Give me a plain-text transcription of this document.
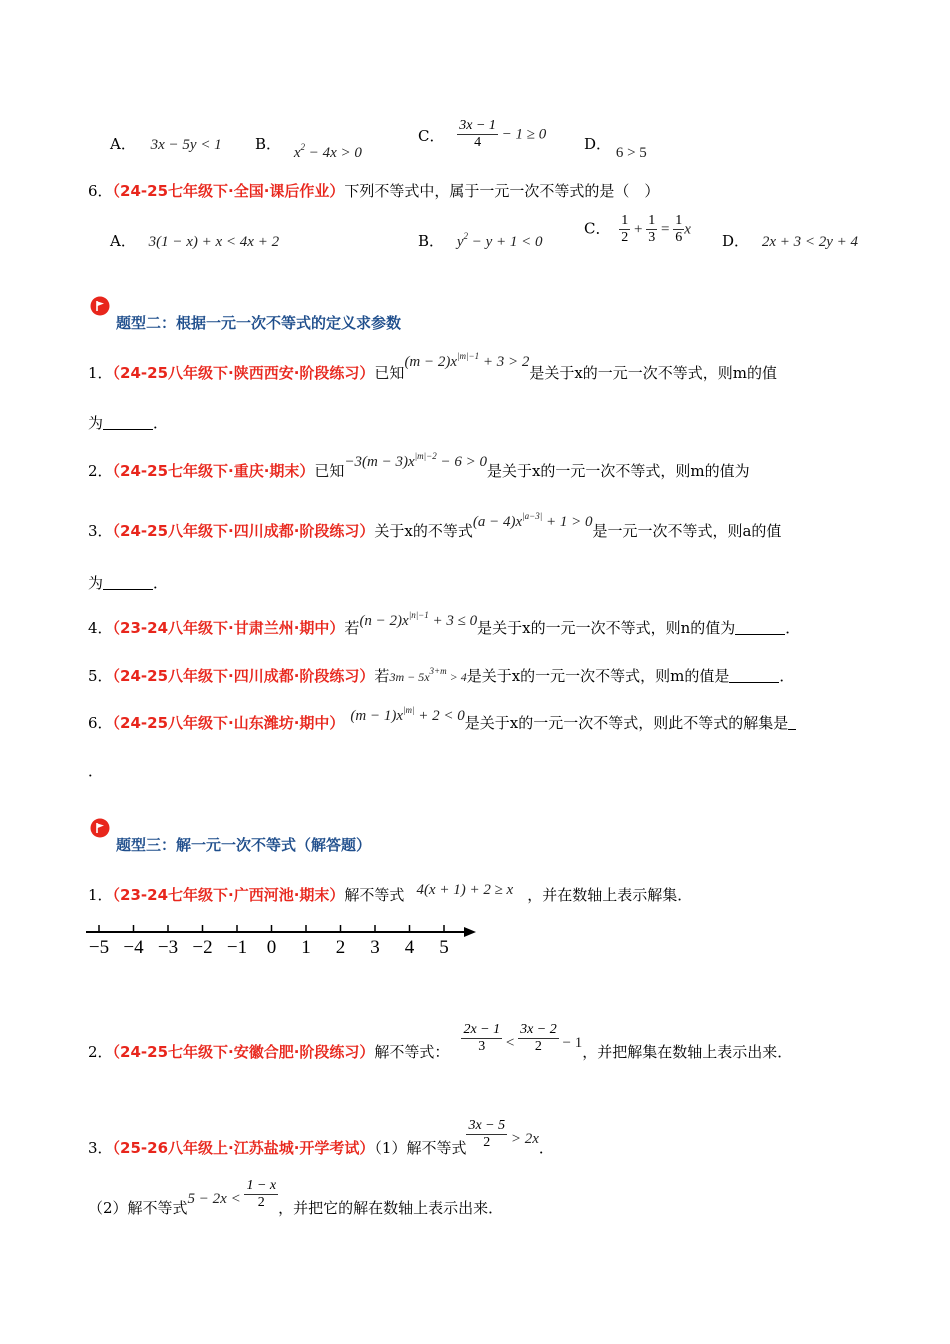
A． 3x − 5y < 1 B． $x^2 - 4x > 0$
C． $\frac{3x - 1}{4} - 1 \ge 0$
D． 6 > 5
6．（24-25七年级下·全国·课后作业）下列不等式中，属于一元一次不等式的是（　）
A． 3(1 − x) + x < 4x + 2	B． $y^2 - y + 1 < 0$
C． $\frac{1}{2} + \frac{1}{3} = \frac{1}{6}$ x
D． 2x + 3 < 2y + 4
题型二：根据一元一次不等式的定义求参数
1．（24-25八年级下·陕西西安·阶段练习）已知$(m - 2)x^{|m|-1} + 3 > 2$是关于x的一元一次不等式，则m的值
为	．
2．（24-25七年级下·重庆·期末）已知$-3(m - 3)x^{|m|-2} - 6 > 0$是关于x的一元一次不等式，则m的值为
3．（24-25八年级下·四川成都·阶段练习）关于x的不等式$(a - 4)x^{|a-3|} + 1 > 0$是一元一次不等式，则a的值
为	．
4．（23-24八年级下·甘肃兰州·期中）若$(n - 2)x^{|n|-1} + 3 \le 0$是关于x的一元一次不等式，则n的值为	．
5．（24-25八年级下·四川成都·阶段练习）若$3m - 5x^{3+m} > 4$是关于x的一元一次不等式，则m的值是	．
6．（24-25八年级下·山东潍坊·期中） $(m - 1)x^{|m|} + 2 < 0$是关于x的一元一次不等式，则此不等式的解集是
．
题型三：解一元一次不等式（解答题）
1．（23-24七年级下·广西河池·期末）解不等式 4(x + 1) + 2 ≥ x ，并在数轴上表示解集．
−5 −4 −3 −2 −1 0 1 2 3 4 5
2．（24-25七年级下·安徽合肥·阶段练习）解不等式： $\frac{2x - 1}{3} < \frac{3x - 2}{2} - 1$，并把解集在数轴上表示出来．
3．（25-26八年级上·江苏盐城·开学考试）（1）解不等式 $\frac{3x - 5}{2} > 2x$．
（2）解不等式$5 - 2x < \frac{1 - x}{2}$ ，并把它的解在数轴上表示出来．
